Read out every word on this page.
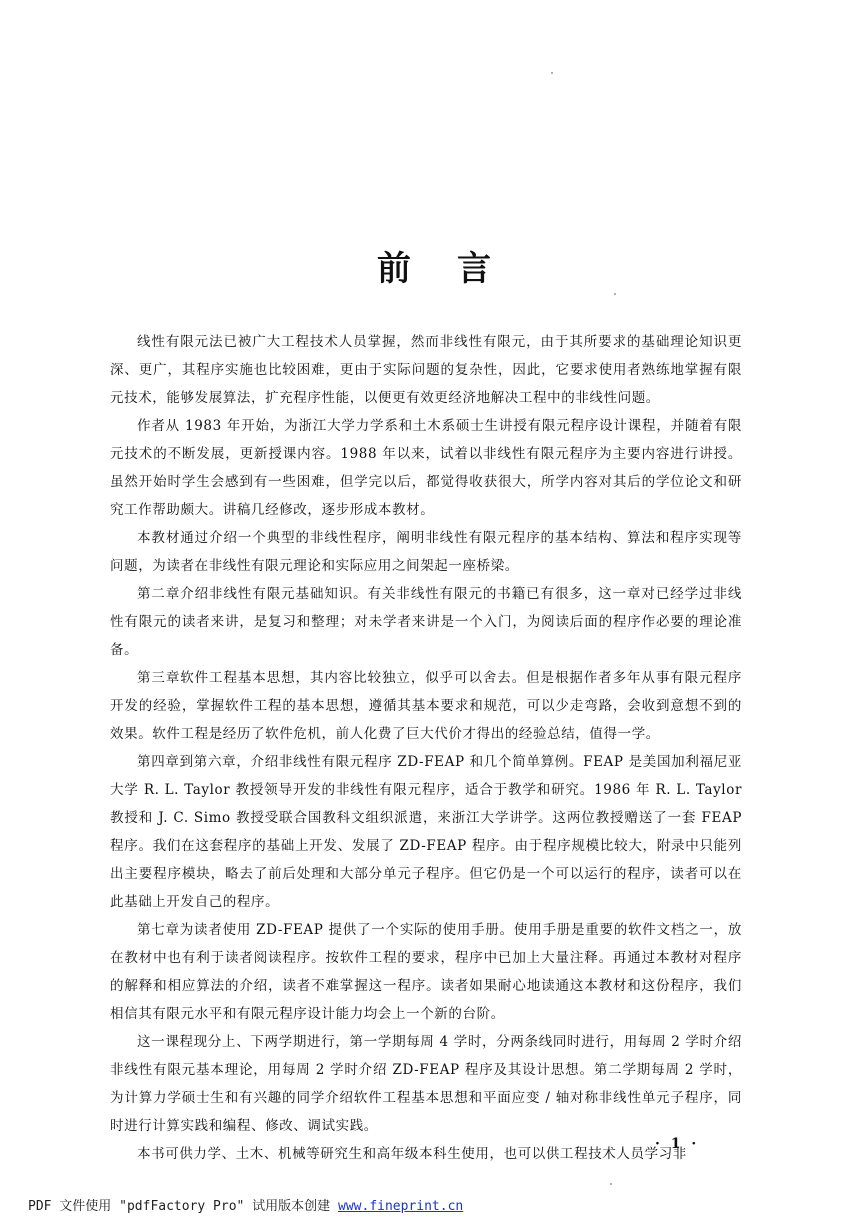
前言

线性有限元法已被广大工程技术人员掌握，然而非线性有限元，由于其所要求的基础理论知识更深、更广，其程序实施也比较困难，更由于实际问题的复杂性，因此，它要求使用者熟练地掌握有限元技术，能够发展算法，扩充程序性能，以便更有效更经济地解决工程中的非线性问题。

作者从 1983 年开始，为浙江大学力学系和土木系硕士生讲授有限元程序设计课程，并随着有限元技术的不断发展，更新授课内容。1988 年以来，试着以非线性有限元程序为主要内容进行讲授。虽然开始时学生会感到有一些困难，但学完以后，都觉得收获很大，所学内容对其后的学位论文和研究工作帮助颇大。讲稿几经修改，逐步形成本教材。

本教材通过介绍一个典型的非线性程序，阐明非线性有限元程序的基本结构、算法和程序实现等问题，为读者在非线性有限元理论和实际应用之间架起一座桥梁。

第二章介绍非线性有限元基础知识。有关非线性有限元的书籍已有很多，这一章对已经学过非线性有限元的读者来讲，是复习和整理；对未学者来讲是一个入门，为阅读后面的程序作必要的理论准备。

第三章软件工程基本思想，其内容比较独立，似乎可以舍去。但是根据作者多年从事有限元程序开发的经验，掌握软件工程的基本思想，遵循其基本要求和规范，可以少走弯路，会收到意想不到的效果。软件工程是经历了软件危机，前人化费了巨大代价才得出的经验总结，值得一学。

第四章到第六章，介绍非线性有限元程序 ZD-FEAP 和几个简单算例。FEAP 是美国加利福尼亚大学 R. L. Taylor 教授领导开发的非线性有限元程序，适合于教学和研究。1986 年 R. L. Taylor 教授和 J. C. Simo 教授受联合国教科文组织派遣，来浙江大学讲学。这两位教授赠送了一套 FEAP 程序。我们在这套程序的基础上开发、发展了 ZD-FEAP 程序。由于程序规模比较大，附录中只能列出主要程序模块，略去了前后处理和大部分单元子程序。但它仍是一个可以运行的程序，读者可以在此基础上开发自己的程序。

第七章为读者使用 ZD-FEAP 提供了一个实际的使用手册。使用手册是重要的软件文档之一，放在教材中也有利于读者阅读程序。按软件工程的要求，程序中已加上大量注释。再通过本教材对程序的解释和相应算法的介绍，读者不难掌握这一程序。读者如果耐心地读通这本教材和这份程序，我们相信其有限元水平和有限元程序设计能力均会上一个新的台阶。

这一课程现分上、下两学期进行，第一学期每周 4 学时，分两条线同时进行，用每周 2 学时介绍非线性有限元基本理论，用每周 2 学时介绍 ZD-FEAP 程序及其设计思想。第二学期每周 2 学时，为计算力学硕士生和有兴趣的同学介绍软件工程基本思想和平面应变 / 轴对称非线性单元子程序，同时进行计算实践和编程、修改、调试实践。

本书可供力学、土木、机械等研究生和高年级本科生使用，也可以供工程技术人员学习非

· 1 ·
PDF 文件使用 "pdfFactory Pro" 试用版本创建 www.fineprint.cn
